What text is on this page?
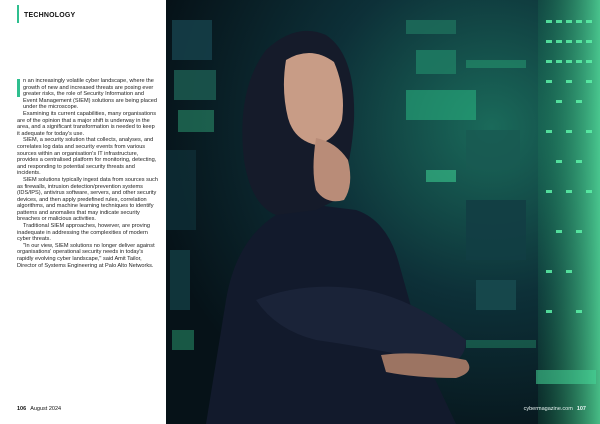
TECHNOLOGY

n an increasingly volatile cyber landscape, where the growth of new and increased threats are posing ever greater risks, the role of Security Information and Event Management (SIEM) solutions are being placed under the microscope.

Examining its current capabilities, many organisations are of the opinion that a major shift is underway in the area, and a significant transformation is needed to keep it adequate for today's use.

SIEM, a security solution that collects, analyses, and correlates log data and security events from various sources within an organisation's IT infrastructure, provides a centralised platform for monitoring, detecting, and responding to potential security threats and incidents.

SIEM solutions typically ingest data from sources such as firewalls, intrusion detection/prevention systems (IDS/IPS), antivirus software, servers, and other security devices, and then apply predefined rules, correlation algorithms, and machine learning techniques to identify patterns and anomalies that may indicate security breaches or malicious activities.

Traditional SIEM approaches, however, are proving inadequate in addressing the complexities of modern cyber threats.

"In our view, SIEM solutions no longer deliver against organisations' operational security needs in today's rapidly evolving cyber landscape," said Amit Tailor, Director of Systems Engineering at Palo Alto Networks.

106 August 2024	cybermagazine.com 107
